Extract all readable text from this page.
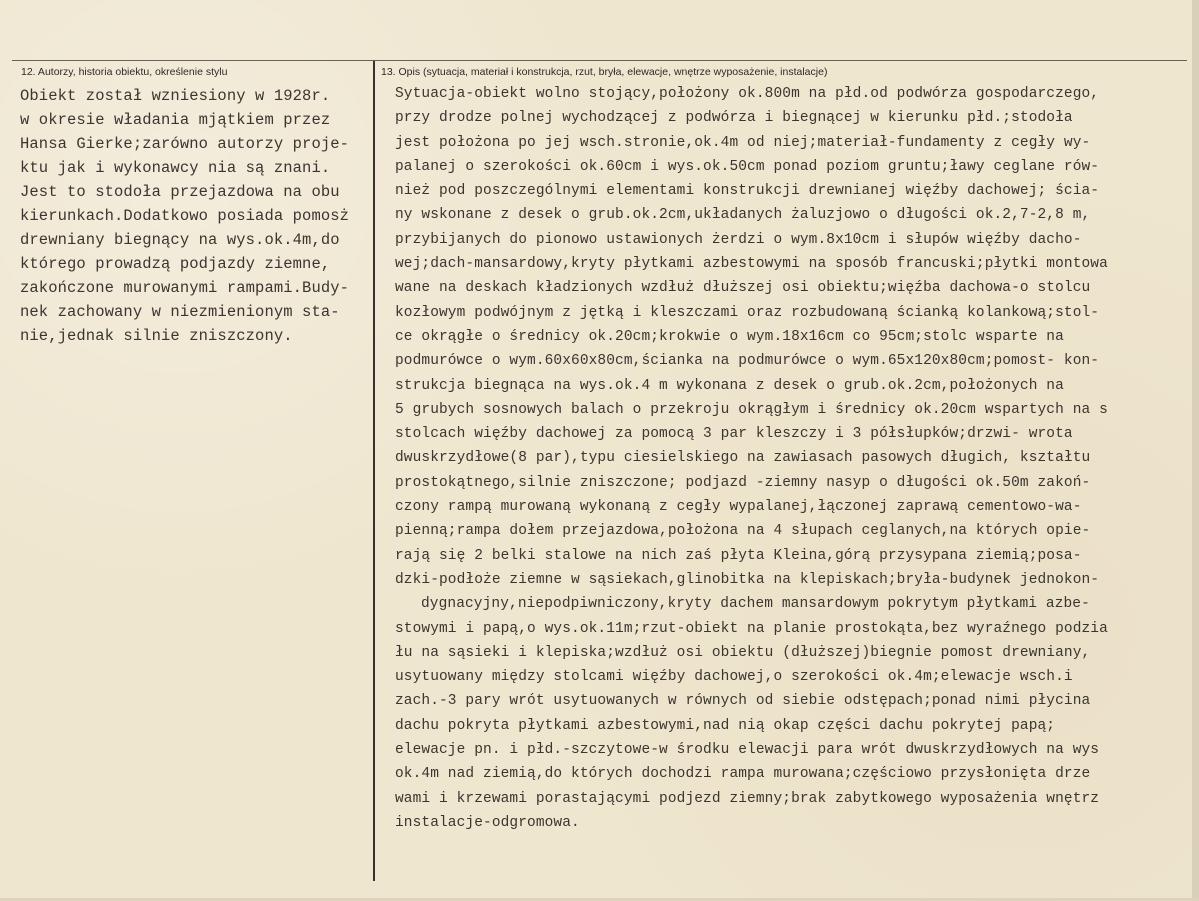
12. Autorzy, historia obiektu, określenie stylu	13. Opis (sytuacja, materiał i konstrukcja, rzut, bryła, elewacje, wnętrze wyposażenie, instalacje)
Obiekt został wzniesiony w 1928r.
w okresie władania mjątkiem przez
Hansa Gierke;zarówno autorzy proje-
ktu jak i wykonawcy nia są znani.
Jest to stodoła przejazdowa na obu
kierunkach.Dodatkowo posiada pomosż
drewniany biegnący na wys.ok.4m,do
którego prowadzą podjazdy ziemne,
zakończone murowanymi rampami.Budy-
nek zachowany w niezmienionym sta-
nie,jednak silnie zniszczony.
Sytuacja-obiekt wolno stojący,położony ok.800m na płd.od podwórza gospodarczego,
przy drodze polnej wychodzącej z podwórza i biegnącej w kierunku płd.;stodoła
jest położona po jej wsch.stronie,ok.4m od niej;materiał-fundamenty z cegły wy-
palanej o szerokości ok.60cm i wys.ok.50cm ponad poziom gruntu;ławy ceglane rów-
nież pod poszczególnymi elementami konstrukcji drewnianej więźby dachowej; ścia-
ny wskonane z desek o grub.ok.2cm,układanych żaluzjowo o długości ok.2,7-2,8 m,
przybijanych do pionowo ustawionych żerdzi o wym.8x10cm i słupów więźby dacho-
wej;dach-mansardowy,kryty płytkami azbestowymi na sposób francuski;płytki montowa
wane na deskach kładzionych wzdłuż dłuższej osi obiektu;więźba dachowa-o stolcu
kozłowym podwójnym z jętką i kleszczami oraz rozbudowaną ścianką kolankową;stol-
ce okrągłe o średnicy ok.20cm;krokwie o wym.18x16cm co 95cm;stolc wsparte na
podmurówce o wym.60x60x80cm,ścianka na podmurówce o wym.65x120x80cm;pomost- kon-
strukcja biegnąca na wys.ok.4 m wykonana z desek o grub.ok.2cm,położonych na
5 grubych sosnowych balach o przekroju okrągłym i średnicy ok.20cm wspartych na s
stolcach więźby dachowej za pomocą 3 par kleszczy i 3 półsłupków;drzwi- wrota
dwuskrzydłowe(8 par),typu ciesielskiego na zawiasach pasowych długich, kształtu
prostokątnego,silnie zniszczone; podjazd -ziemny nasyp o długości ok.50m zakoń-
czony rampą murowaną wykonaną z cegły wypalanej,łączonej zaprawą cementowo-wa-
pienną;rampa dołem przejazdowa,położona na 4 słupach ceglanych,na których opie-
rają się 2 belki stalowe na nich zaś płyta Kleina,górą przysypana ziemią;posa-
dzki-podłoże ziemne w sąsiekach,glinobitka na klepiskach;bryła-budynek jednokon-
dygnacyjny,niepodpiwniczony,kryty dachem mansardowym pokrytym płytkami azbe-
stowymi i papą,o wys.ok.11m;rzut-obiekt na planie prostokąta,bez wyraźnego podzia
łu na sąsieki i klepiska;wzdłuż osi obiektu (dłuższej)biegnie pomost drewniany,
usytuowany między stolcami więźby dachowej,o szerokości ok.4m;elewacje wsch.i
zach.-3 pary wrót usytuowanych w równych od siebie odstępach;ponad nimi płycina
dachu pokryta płytkami azbestowymi,nad nią okap części dachu pokrytej papą;
elewacje pn. i płd.-szczytowe-w środku elewacji para wrót dwuskrzydłowych na wys
ok.4m nad ziemią,do których dochodzi rampa murowana;częściowo przysłonięta drze
wami i krzewami porastającymi podjezd ziemny;brak zabytkowego wyposażenia wnętrz
instalacje-odgromowa.
